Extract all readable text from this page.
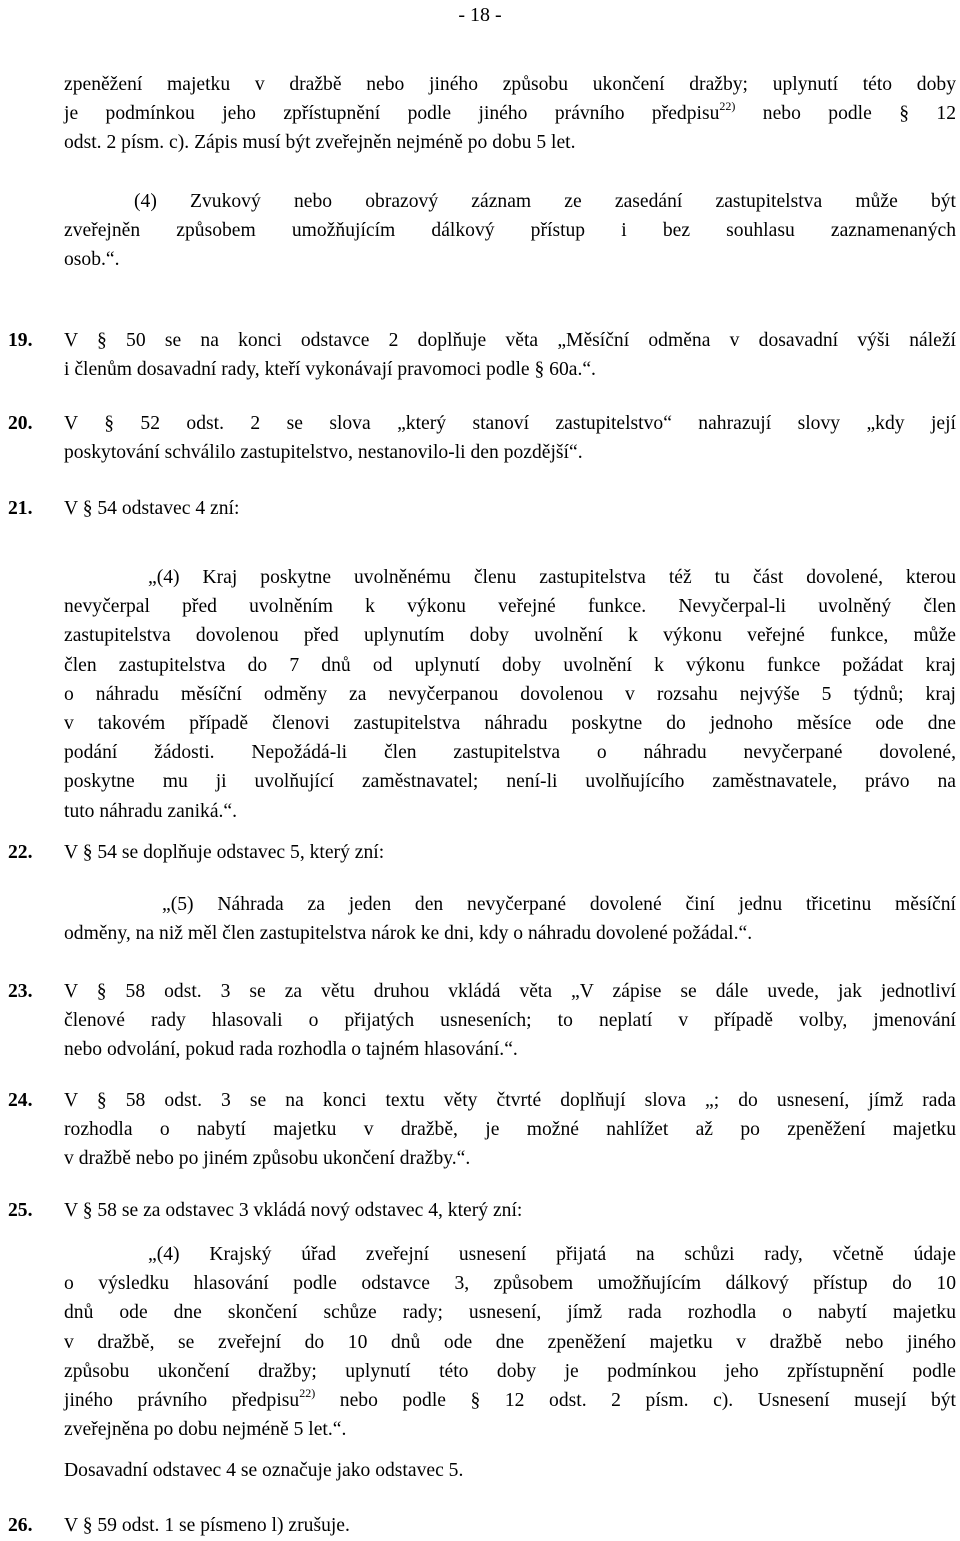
- 18 -
zpeněžení majetku v dražbě nebo jiného způsobu ukončení dražby; uplynutí této doby
je podmínkou jeho zpřístupnění podle jiného právního předpisu$^{22)}$ nebo podle § 12
odst. 2 písm. c). Zápis musí být zveřejněn nejméně po dobu 5 let.
(4) Zvukový nebo obrazový záznam ze zasedání zastupitelstva může být
zveřejněn způsobem umožňujícím dálkový přístup i bez souhlasu zaznamenaných
osob.“.
19. V § 50 se na konci odstavce 2 doplňuje věta „Měsíční odměna v dosavadní výši náleží
i členům dosavadní rady, kteří vykonávají pravomoci podle § 60a.“.
20. V § 52 odst. 2 se slova „který stanoví zastupitelstvo“ nahrazují slovy „kdy její
poskytování schválilo zastupitelstvo, nestanovilo-li den pozdější“.
21. V § 54 odstavec 4 zní:
„(4) Kraj poskytne uvolněnému členu zastupitelstva též tu část dovolené, kterou
nevyčerpal před uvolněním k výkonu veřejné funkce. Nevyčerpal-li uvolněný člen
zastupitelstva dovolenou před uplynutím doby uvolnění k výkonu veřejné funkce, může
člen zastupitelstva do 7 dnů od uplynutí doby uvolnění k výkonu funkce požádat kraj
o náhradu měsíční odměny za nevyčerpanou dovolenou v rozsahu nejvýše 5 týdnů; kraj
v takovém případě členovi zastupitelstva náhradu poskytne do jednoho měsíce ode dne
podání žádosti. Nepožádá-li člen zastupitelstva o náhradu nevyčerpané dovolené,
poskytne mu ji uvolňující zaměstnavatel; není-li uvolňujícího zaměstnavatele, právo na
tuto náhradu zaniká.“.
22. V § 54 se doplňuje odstavec 5, který zní:
„(5) Náhrada za jeden den nevyčerpané dovolené činí jednu třicetinu měsíční
odměny, na niž měl člen zastupitelstva nárok ke dni, kdy o náhradu dovolené požádal.“.
23. V § 58 odst. 3 se za větu druhou vkládá věta „V zápise se dále uvede, jak jednotliví
členové rady hlasovali o přijatých usneseních; to neplatí v případě volby, jmenování
nebo odvolání, pokud rada rozhodla o tajném hlasování.“.
24. V § 58 odst. 3 se na konci textu věty čtvrté doplňují slova „; do usnesení, jímž rada
rozhodla o nabytí majetku v dražbě, je možné nahlížet až po zpeněžení majetku
v dražbě nebo po jiném způsobu ukončení dražby.“.
25. V § 58 se za odstavec 3 vkládá nový odstavec 4, který zní:
„(4) Krajský úřad zveřejní usnesení přijatá na schůzi rady, včetně údaje
o výsledku hlasování podle odstavce 3, způsobem umožňujícím dálkový přístup do 10
dnů ode dne skončení schůze rady; usnesení, jímž rada rozhodla o nabytí majetku
v dražbě, se zveřejní do 10 dnů ode dne zpeněžení majetku v dražbě nebo jiného
způsobu ukončení dražby; uplynutí této doby je podmínkou jeho zpřístupnění podle
jiného právního předpisu$^{22)}$ nebo podle § 12 odst. 2 písm. c). Usnesení musejí být
zveřejněna po dobu nejméně 5 let.“.
Dosavadní odstavec 4 se označuje jako odstavec 5.
26. V § 59 odst. 1 se písmeno l) zrušuje.
